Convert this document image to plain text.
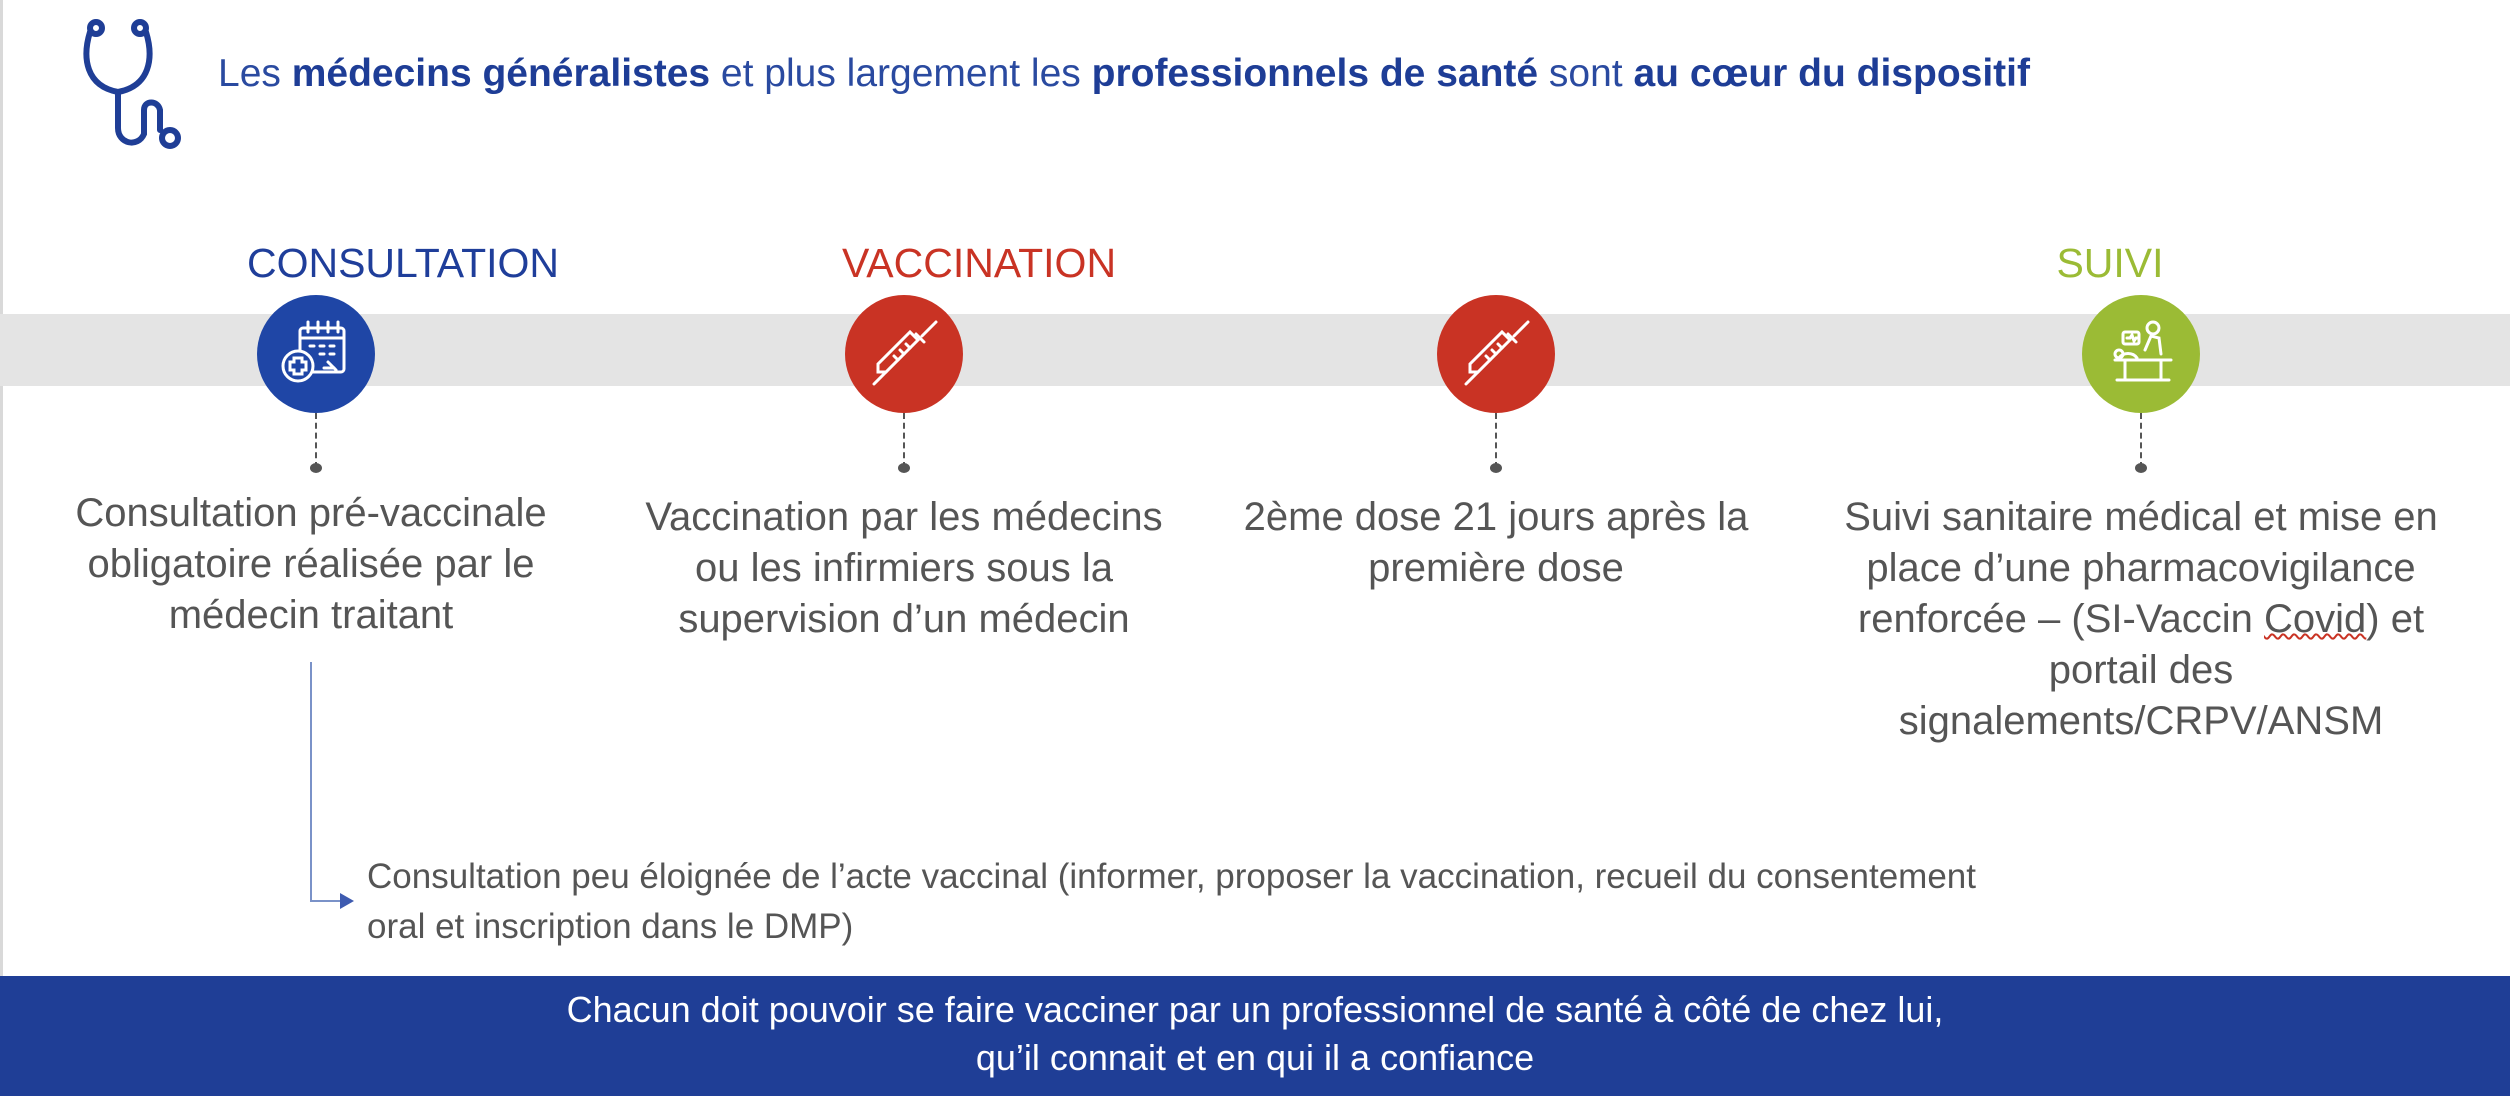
Les médecins généralistes et plus largement les professionnels de santé sont au cœur du dispositif
CONSULTATION	VACCINATION	SUIVI
Consultation pré-vaccinale
obligatoire réalisée par le
médecin traitant
Vaccination par les médecins
ou les infirmiers sous la
supervision d’un médecin
2ème dose 21 jours après la
première dose
Suivi sanitaire médical et mise en
place d’une pharmacovigilance
renforcée – (SI-Vaccin Covid) et
portail des
signalements/CRPV/ANSM
Consultation peu éloignée de l’acte vaccinal (informer, proposer la vaccination, recueil du consentement
oral et inscription dans le DMP)
Chacun doit pouvoir se faire vacciner par un professionnel de santé à côté de chez lui,
qu’il connait et en qui il a confiance
